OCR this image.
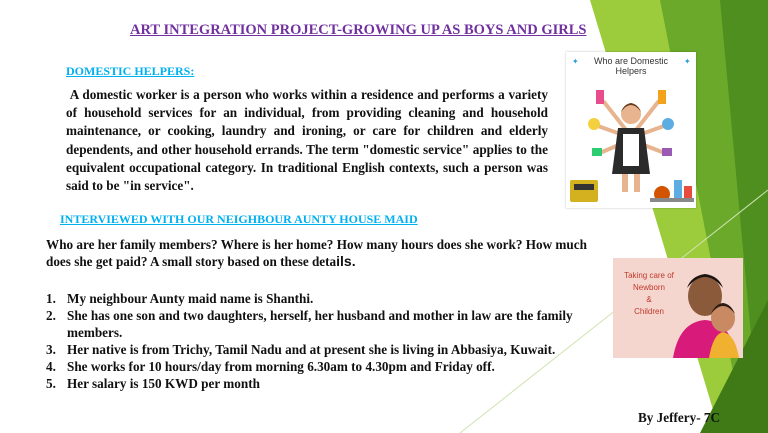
ART INTEGRATION PROJECT-GROWING UP AS BOYS AND GIRLS
DOMESTIC HELPERS:

A domestic worker is a person who works within a residence and performs a variety of household services for an individual, from providing cleaning and household maintenance, or cooking, laundry and ironing, or care for children and elderly dependents, and other household errands. The term "domestic service" applies to the equivalent occupational category. In traditional English contexts, such a person was said to be "in service".

INTERVIEWED WITH OUR NEIGHBOUR AUNTY HOUSE MAID

Who are her family members? Where is her home? How many hours does she work? How much does she get paid? A small story based on these details.

1. My neighbour Aunty maid name is Shanthi.
2. She has one son and two daughters, herself, her husband and mother in law are the family members.
3. Her native is from Trichy, Tamil Nadu and at present she is living in Abbasiya, Kuwait.
4. She works for 10 hours/day from morning 6.30am to 4.30pm and Friday off.
5. Her salary is 150 KWD per month
By Jeffery- 7C
Who are Domestic
Helpers
✦	✦
Taking care of
Newborn
&
Children
